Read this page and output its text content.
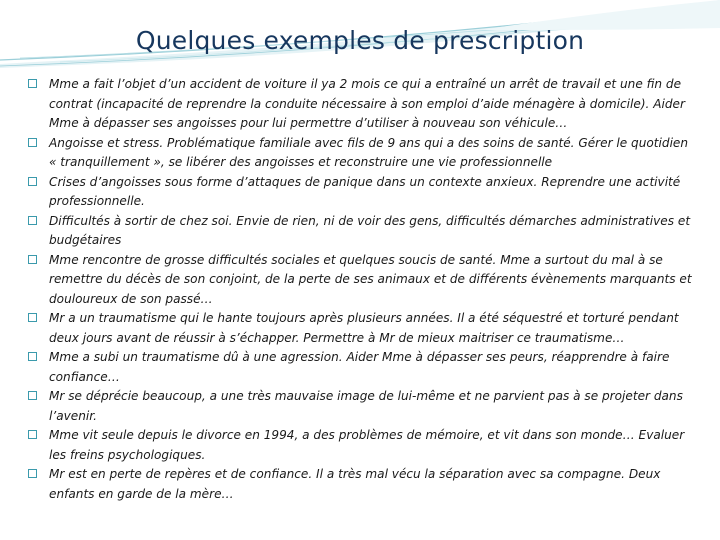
Quelques exemples de prescription
Mme a fait l’objet d’un accident de voiture il ya 2 mois ce qui a entraîné un arrêt de travail et une fin de contrat (incapacité de reprendre la conduite nécessaire à son emploi d’aide ménagère à domicile). Aider Mme à dépasser ses angoisses pour lui permettre d’utiliser à nouveau son véhicule…
Angoisse et stress. Problématique familiale avec fils de 9 ans qui a des soins de santé. Gérer le quotidien « tranquillement », se libérer des angoisses et reconstruire une vie professionnelle
Crises d’angoisses sous forme d’attaques de panique dans un contexte anxieux. Reprendre une activité professionnelle.
Difficultés à sortir de chez soi. Envie de rien, ni de voir des gens, difficultés démarches administratives et budgétaires
Mme rencontre de grosse difficultés sociales et quelques soucis de santé. Mme a surtout du mal à se remettre du décès de son conjoint, de la perte de ses animaux et de différents évènements marquants et douloureux de son passé…
Mr a un traumatisme qui le hante toujours après plusieurs années. Il a été séquestré et torturé pendant deux jours avant de réussir à s’échapper. Permettre à Mr de mieux maitriser ce traumatisme…
Mme a subi un traumatisme dû à une agression. Aider Mme à dépasser ses peurs, réapprendre à faire confiance…
Mr se déprécie beaucoup, a une très mauvaise image de lui-même et ne parvient pas à se projeter dans l’avenir.
Mme vit seule depuis le divorce en 1994, a des problèmes de mémoire, et vit dans son monde… Evaluer les freins psychologiques.
Mr est en perte de repères et de confiance. Il a très mal vécu la séparation avec sa compagne. Deux enfants en garde de la mère…
